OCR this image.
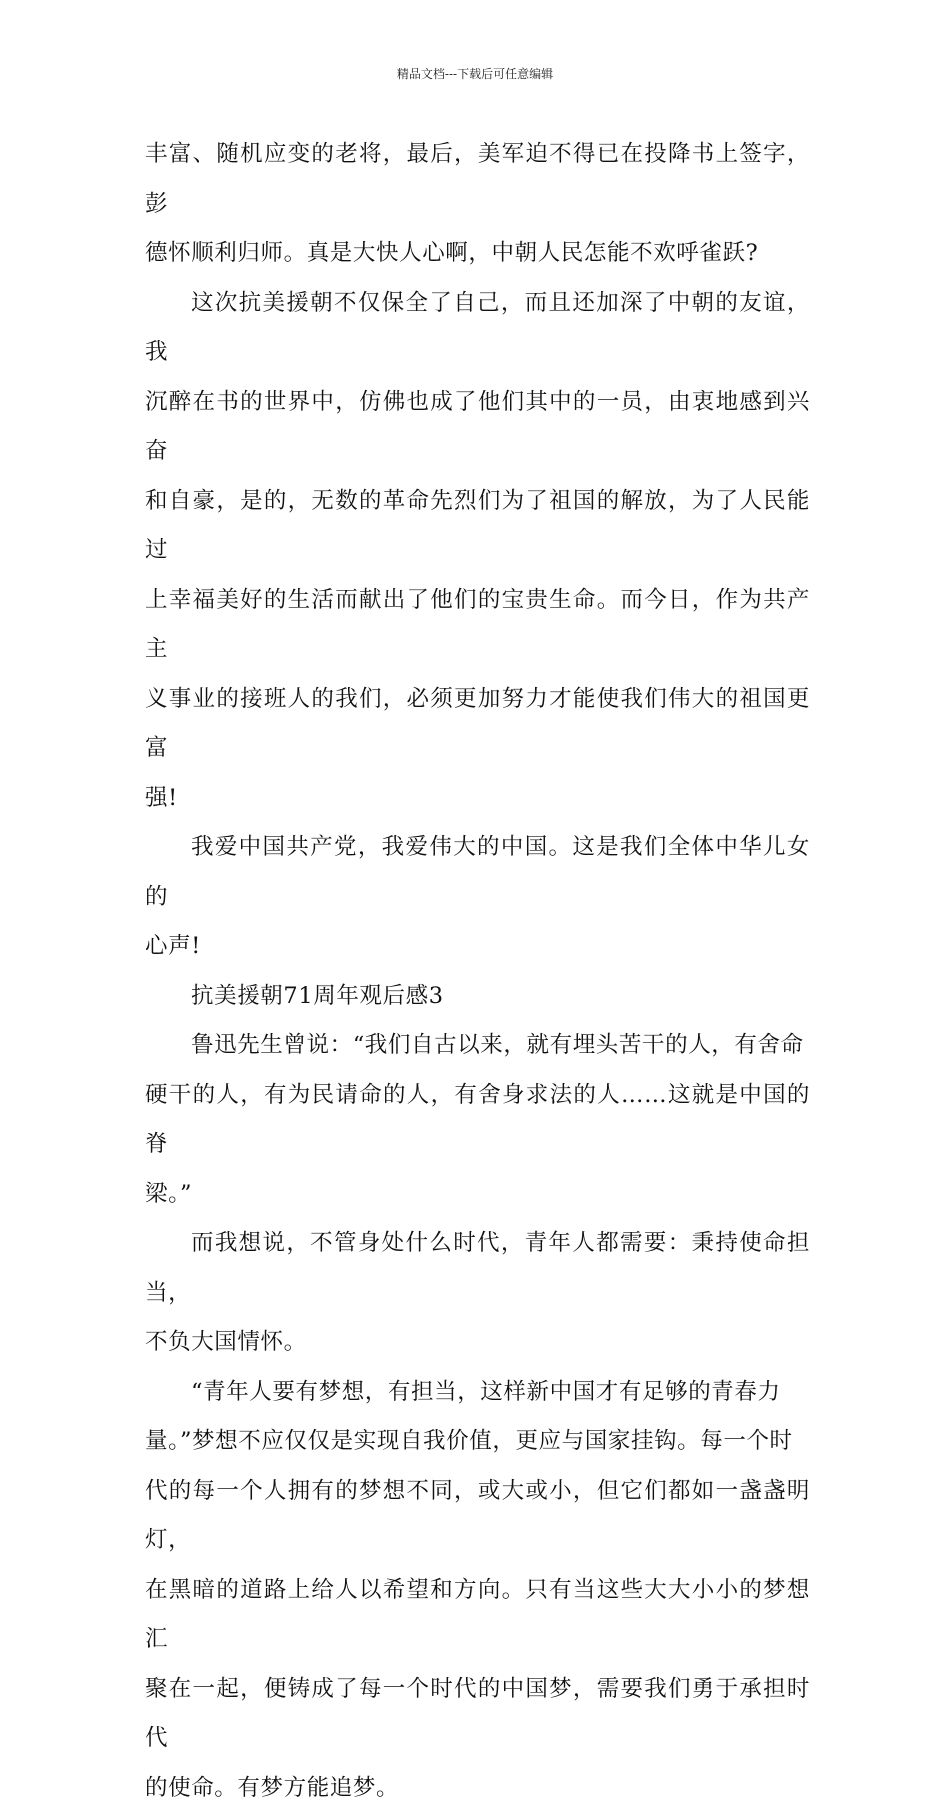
精品文档---下载后可任意编辑
丰富、随机应变的老将，最后，美军迫不得已在投降书上签字，彭
德怀顺利归师。真是大快人心啊，中朝人民怎能不欢呼雀跃?
这次抗美援朝不仅保全了自己，而且还加深了中朝的友谊，我
沉醉在书的世界中，仿佛也成了他们其中的一员，由衷地感到兴奋
和自豪，是的，无数的革命先烈们为了祖国的解放，为了人民能过
上幸福美好的生活而献出了他们的宝贵生命。而今日，作为共产主
义事业的接班人的我们，必须更加努力才能使我们伟大的祖国更富
强!
我爱中国共产党，我爱伟大的中国。这是我们全体中华儿女的
心声!
抗美援朝71周年观后感3
鲁迅先生曾说：“我们自古以来，就有埋头苦干的人，有舍命
硬干的人，有为民请命的人，有舍身求法的人……这就是中国的脊
梁。”
而我想说，不管身处什么时代，青年人都需要：秉持使命担当，
不负大国情怀。
“青年人要有梦想，有担当，这样新中国才有足够的青春力
量。”梦想不应仅仅是实现自我价值，更应与国家挂钩。每一个时
代的每一个人拥有的梦想不同，或大或小，但它们都如一盏盏明灯，
在黑暗的道路上给人以希望和方向。只有当这些大大小小的梦想汇
聚在一起，便铸成了每一个时代的中国梦，需要我们勇于承担时代
的使命。有梦方能追梦。
